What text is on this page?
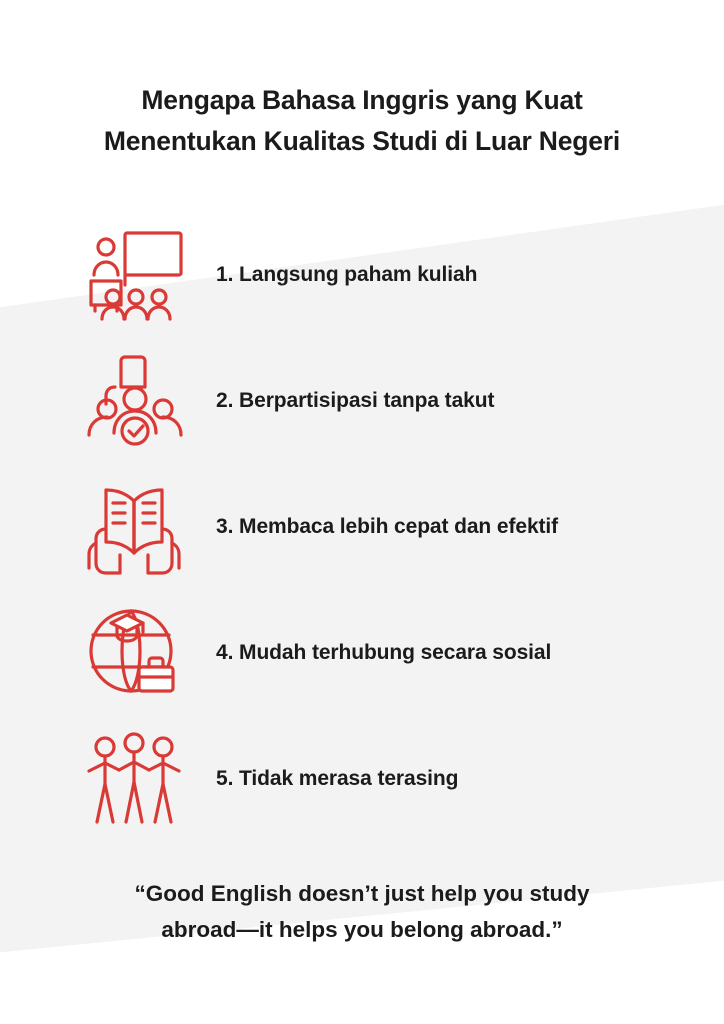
Mengapa Bahasa Inggris yang Kuat
Menentukan Kualitas Studi di Luar Negeri
1. Langsung paham kuliah
2. Berpartisipasi tanpa takut
3. Membaca lebih cepat dan efektif
4. Mudah terhubung secara sosial
5. Tidak merasa terasing
“Good English doesn’t just help you study
abroad—it helps you belong abroad.”
